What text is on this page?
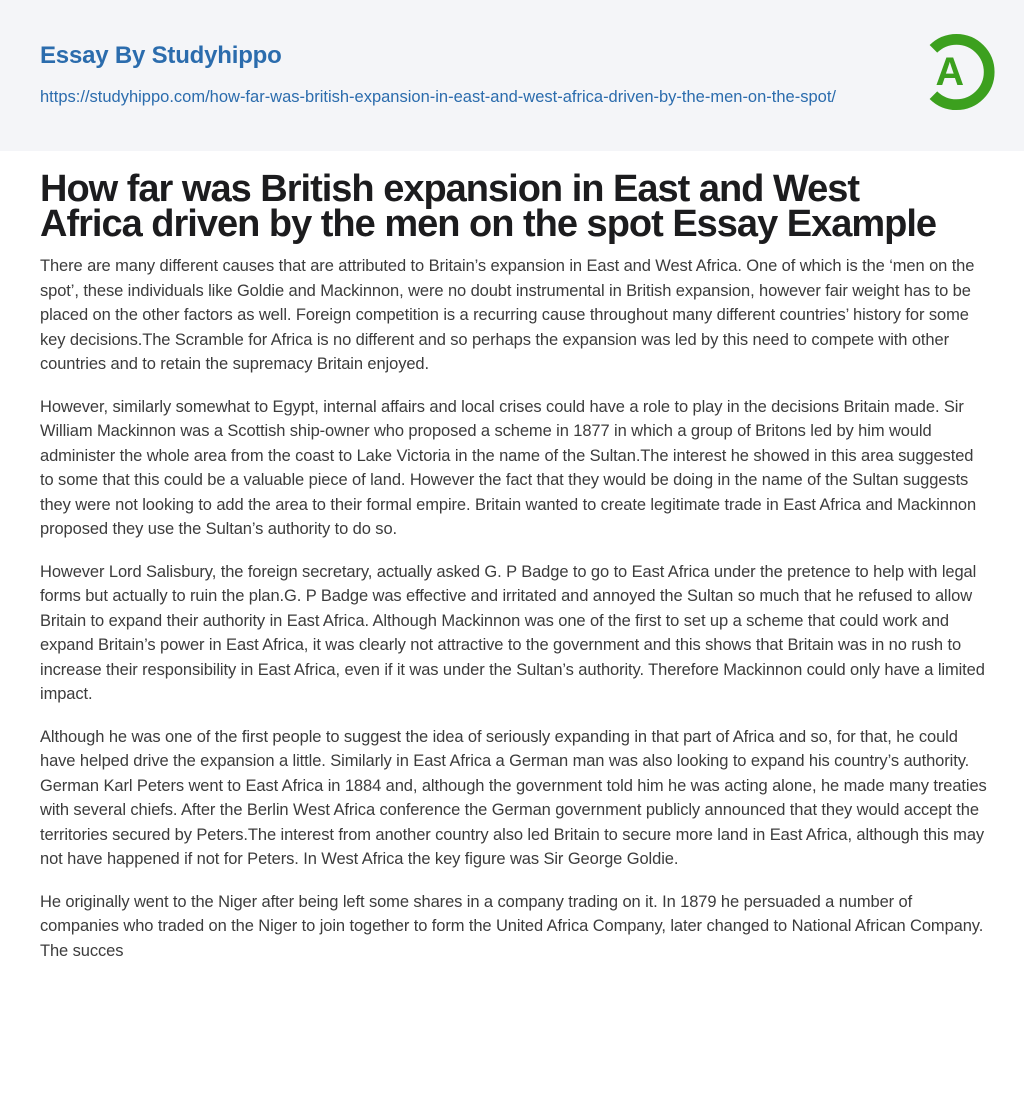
Essay By Studyhippo
https://studyhippo.com/how-far-was-british-expansion-in-east-and-west-africa-driven-by-the-men-on-the-spot/
A
How far was British expansion in East and West Africa driven by the men on the spot Essay Example

There are many different causes that are attributed to Britain’s expansion in East and West Africa. One of which is the ‘men on the spot’, these individuals like Goldie and Mackinnon, were no doubt instrumental in British expansion, however fair weight has to be placed on the other factors as well. Foreign competition is a recurring cause throughout many different countries’ history for some key decisions.The Scramble for Africa is no different and so perhaps the expansion was led by this need to compete with other countries and to retain the supremacy Britain enjoyed.

However, similarly somewhat to Egypt, internal affairs and local crises could have a role to play in the decisions Britain made. Sir William Mackinnon was a Scottish ship-owner who proposed a scheme in 1877 in which a group of Britons led by him would administer the whole area from the coast to Lake Victoria in the name of the Sultan.The interest he showed in this area suggested to some that this could be a valuable piece of land. However the fact that they would be doing in the name of the Sultan suggests they were not looking to add the area to their formal empire. Britain wanted to create legitimate trade in East Africa and Mackinnon proposed they use the Sultan’s authority to do so.

However Lord Salisbury, the foreign secretary, actually asked G. P Badge to go to East Africa under the pretence to help with legal forms but actually to ruin the plan.G. P Badge was effective and irritated and annoyed the Sultan so much that he refused to allow Britain to expand their authority in East Africa. Although Mackinnon was one of the first to set up a scheme that could work and expand Britain’s power in East Africa, it was clearly not attractive to the government and this shows that Britain was in no rush to increase their responsibility in East Africa, even if it was under the Sultan’s authority. Therefore Mackinnon could only have a limited impact.

Although he was one of the first people to suggest the idea of seriously expanding in that part of Africa and so, for that, he could have helped drive the expansion a little. Similarly in East Africa a German man was also looking to expand his country’s authority. German Karl Peters went to East Africa in 1884 and, although the government told him he was acting alone, he made many treaties with several chiefs. After the Berlin West Africa conference the German government publicly announced that they would accept the territories secured by Peters.The interest from another country also led Britain to secure more land in East Africa, although this may not have happened if not for Peters. In West Africa the key figure was Sir George Goldie.

He originally went to the Niger after being left some shares in a company trading on it. In 1879 he persuaded a number of companies who traded on the Niger to join together to form the United Africa Company, later changed to National African Company. The succes
